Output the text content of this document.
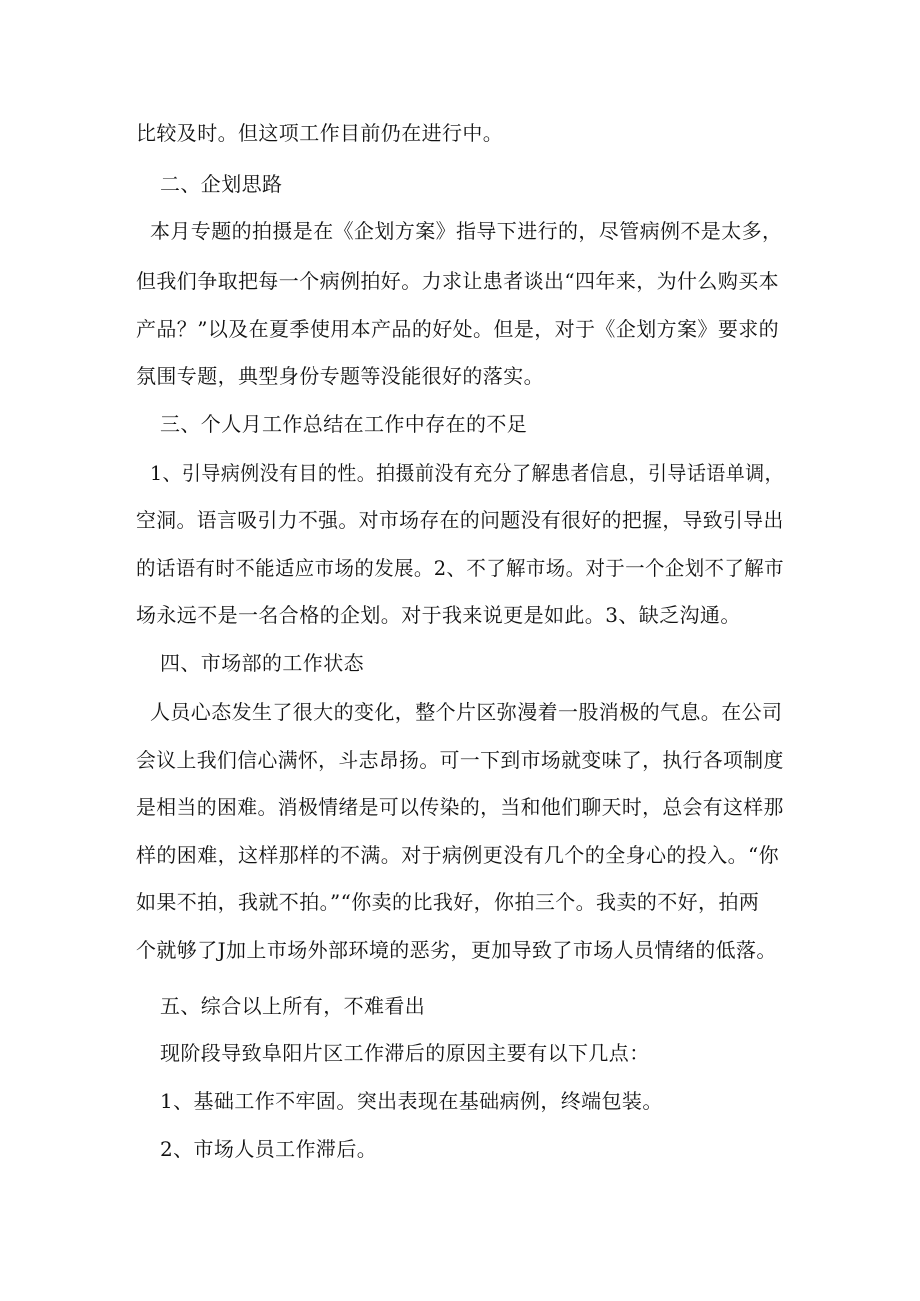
比较及时。但这项工作目前仍在进行中。

二、企划思路

本月专题的拍摄是在《企划方案》指导下进行的，尽管病例不是太多，

但我们争取把每一个病例拍好。力求让患者谈出“四年来，为什么购买本

产品？”以及在夏季使用本产品的好处。但是，对于《企划方案》要求的

氛围专题，典型身份专题等没能很好的落实。

三、个人月工作总结在工作中存在的不足

1、引导病例没有目的性。拍摄前没有充分了解患者信息，引导话语单调，

空洞。语言吸引力不强。对市场存在的问题没有很好的把握，导致引导出

的话语有时不能适应市场的发展。2、不了解市场。对于一个企划不了解市

场永远不是一名合格的企划。对于我来说更是如此。3、缺乏沟通。

四、市场部的工作状态

人员心态发生了很大的变化，整个片区弥漫着一股消极的气息。在公司

会议上我们信心满怀，斗志昂扬。可一下到市场就变味了，执行各项制度

是相当的困难。消极情绪是可以传染的，当和他们聊天时，总会有这样那

样的困难，这样那样的不满。对于病例更没有几个的全身心的投入。“你

如果不拍，我就不拍。”“你卖的比我好，你拍三个。我卖的不好，拍两

个就够了J加上市场外部环境的恶劣，更加导致了市场人员情绪的低落。

五、综合以上所有，不难看出

现阶段导致阜阳片区工作滞后的原因主要有以下几点：

1、基础工作不牢固。突出表现在基础病例，终端包装。

2、市场人员工作滞后。
